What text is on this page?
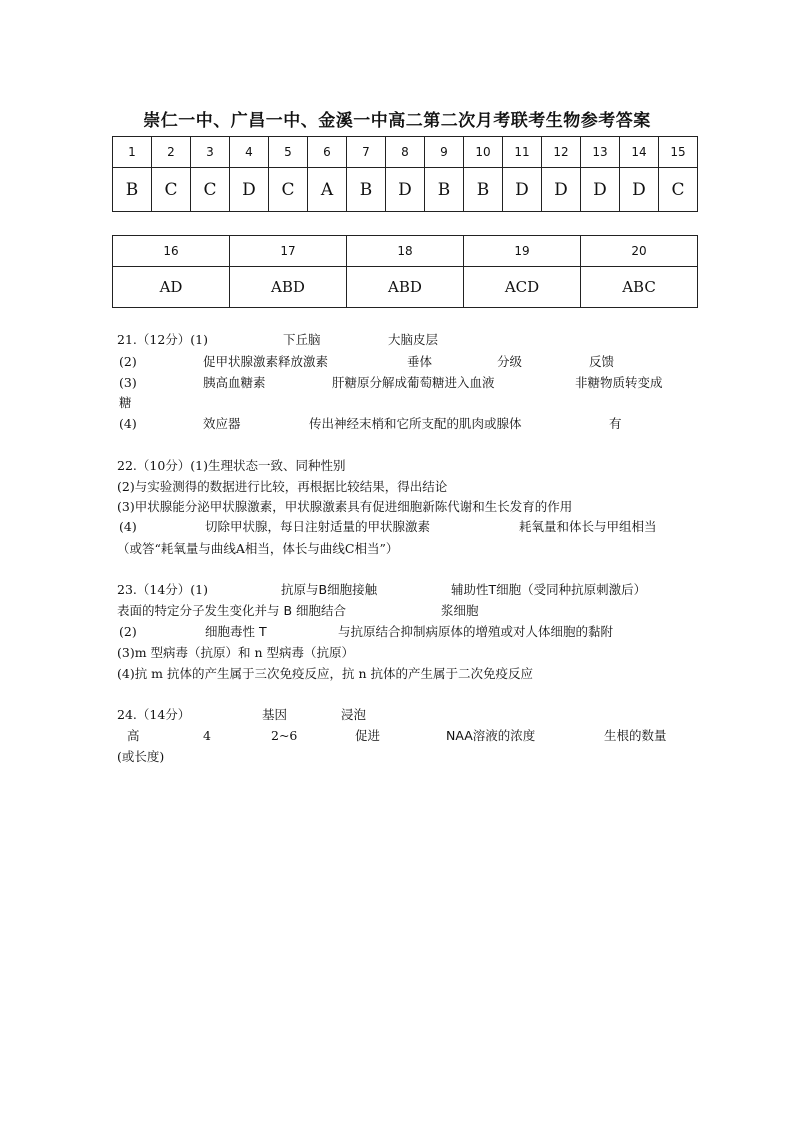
崇仁一中、广昌一中、金溪一中高二第二次月考联考生物参考答案
1	2	3	4	5	6	7	8	9	10	11	12	13	14	15
B	C	C	D	C	A	B	D	B	B	D	D	D	D	C
16	17	18	19	20
AD	ABD	ABD	ACD	ABC
21.（12分）(1)	下丘脑	大脑皮层
(2)	促甲状腺激素释放激素	垂体	分级	反馈
(3)	胰高血糖素	肝糖原分解成葡萄糖进入血液	非糖物质转变成
糖
(4)	效应器	传出神经末梢和它所支配的肌肉或腺体	有
22.（10分）(1)生理状态一致、同种性别
(2)与实验测得的数据进行比较，再根据比较结果，得出结论
(3)甲状腺能分泌甲状腺激素，甲状腺激素具有促进细胞新陈代谢和生长发育的作用
(4)	切除甲状腺，每日注射适量的甲状腺激素	耗氧量和体长与甲组相当
（或答“耗氧量与曲线A相当，体长与曲线C相当”）
23.（14分）(1)	抗原与B细胞接触	辅助性T细胞（受同种抗原刺激后）
表面的特定分子发生变化并与 B 细胞结合	浆细胞
(2)	细胞毒性 T	与抗原结合抑制病原体的增殖或对人体细胞的黏附
(3)m 型病毒（抗原）和 n 型病毒（抗原）
(4)抗 m 抗体的产生属于三次免疫反应，抗 n 抗体的产生属于二次免疫反应
24.（14分）	基因	浸泡
高	4	2~6	促进	NAA溶液的浓度	生根的数量
(或长度)
